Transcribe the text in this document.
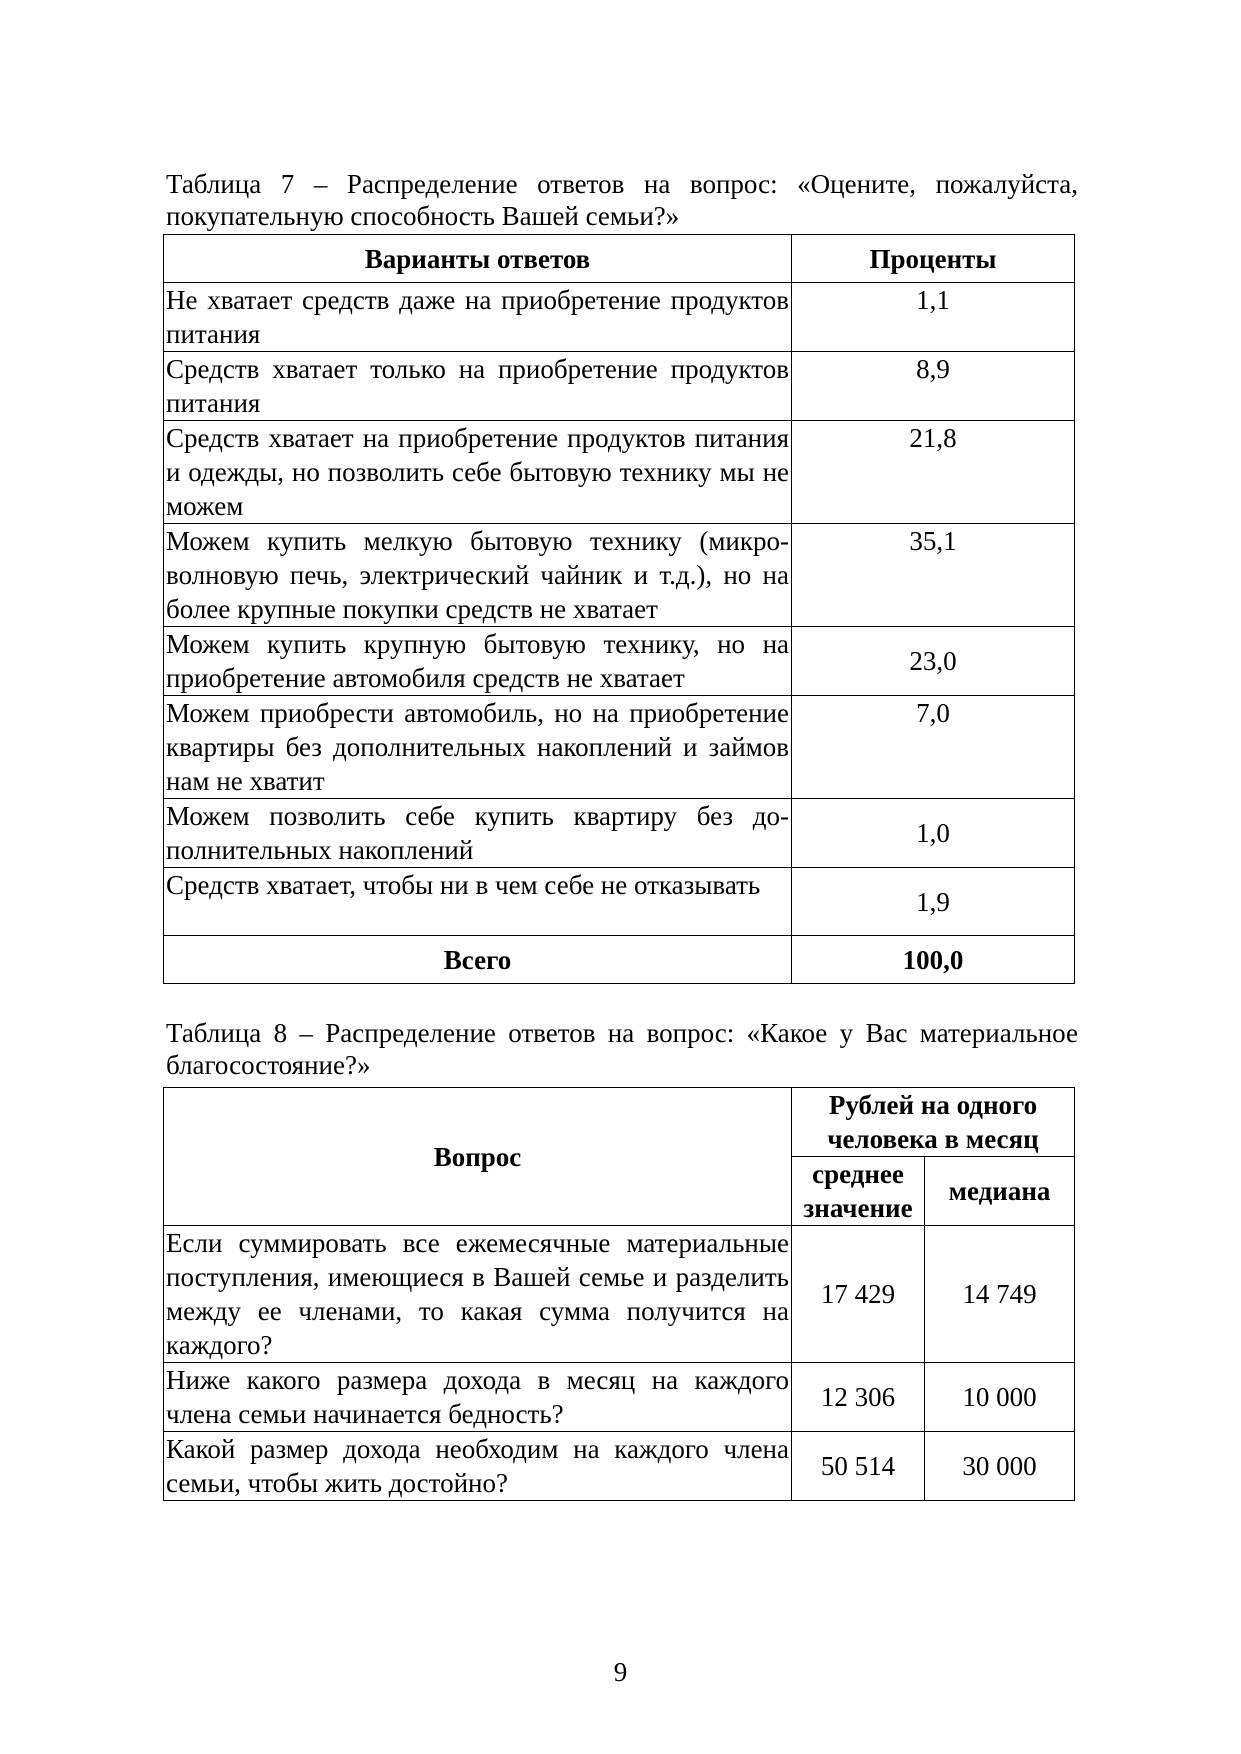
Таблица 7 – Распределение ответов на вопрос: «Оцените, пожалуйста, покупательную способность Вашей семьи?»
Варианты ответов	Проценты
Не хватает средств даже на приобретение продуктов питания	1,1
Средств хватает только на приобретение продуктов питания	8,9
Средств хватает на приобретение продуктов питания и одежды, но позволить себе бытовую технику мы не можем	21,8
Можем купить мелкую бытовую технику (микроволновую печь, электрический чайник и т.д.), но на более крупные покупки средств не хватает	35,1
Можем купить крупную бытовую технику, но на приобретение автомобиля средств не хватает	23,0
Можем приобрести автомобиль, но на приобретение квартиры без дополнительных накоплений и займов нам не хватит	7,0
Можем позволить себе купить квартиру без дополнительных накоплений	1,0
Средств хватает, чтобы ни в чем себе не отказывать	1,9
Всего	100,0
Таблица 8 – Распределение ответов на вопрос: «Какое у Вас материальное благосостояние?»
Вопрос	Рублей на одного человека в месяц	
	среднее значение	медиана
Если суммировать все ежемесячные материальные поступления, имеющиеся в Вашей семье и разделить между ее членами, то какая сумма получится на каждого?	17 429	14 749
Ниже какого размера дохода в месяц на каждого члена семьи начинается бедность?	12 306	10 000
Какой размер дохода необходим на каждого члена семьи, чтобы жить достойно?	50 514	30 000
9
